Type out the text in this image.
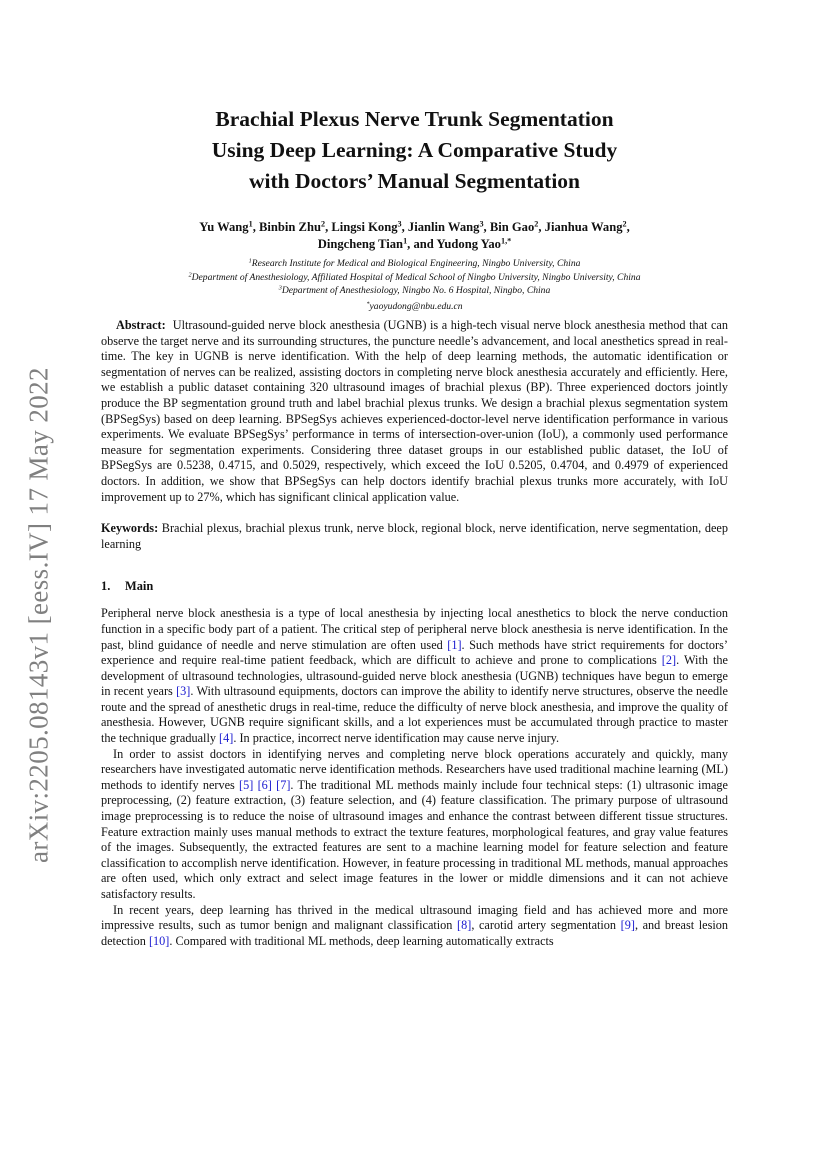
arXiv:2205.08143v1 [eess.IV] 17 May 2022
Brachial Plexus Nerve Trunk Segmentation
Using Deep Learning: A Comparative Study
with Doctors’ Manual Segmentation
Yu Wang$^1$, Binbin Zhu$^2$, Lingsi Kong$^3$, Jianlin Wang$^3$, Bin Gao$^2$, Jianhua Wang$^2$,
Dingcheng Tian$^1$, and Yudong Yao$^{1,*}$
$^1$Research Institute for Medical and Biological Engineering, Ningbo University, China
$^2$Department of Anesthesiology, Affiliated Hospital of Medical School of Ningbo University, Ningbo University, China
$^3$Department of Anesthesiology, Ningbo No. 6 Hospital, Ningbo, China
*yaoyudong@nbu.edu.cn

Abstract: Ultrasound-guided nerve block anesthesia (UGNB) is a high-tech visual nerve block anesthesia method that can observe the target nerve and its surrounding structures, the puncture needle’s advancement, and local anesthetics spread in real-time. The key in UGNB is nerve identification. With the help of deep learning methods, the automatic identification or segmentation of nerves can be realized, assisting doctors in completing nerve block anesthesia accurately and efficiently. Here, we establish a public dataset containing 320 ultrasound images of brachial plexus (BP). Three experienced doctors jointly produce the BP segmentation ground truth and label brachial plexus trunks. We design a brachial plexus segmentation system (BPSegSys) based on deep learning. BPSegSys achieves experienced-doctor-level nerve identification performance in various experiments. We evaluate BPSegSys’ performance in terms of intersection-over-union (IoU), a commonly used performance measure for segmentation experiments. Considering three dataset groups in our established public dataset, the IoU of BPSegSys are 0.5238, 0.4715, and 0.5029, respectively, which exceed the IoU 0.5205, 0.4704, and 0.4979 of experienced doctors. In addition, we show that BPSegSys can help doctors identify brachial plexus trunks more accurately, with IoU improvement up to 27%, which has significant clinical application value.

Keywords: Brachial plexus, brachial plexus trunk, nerve block, regional block, nerve identification, nerve segmentation, deep learning

1. Main

Peripheral nerve block anesthesia is a type of local anesthesia by injecting local anesthetics to block the nerve conduction function in a specific body part of a patient. The critical step of peripheral nerve block anesthesia is nerve identification. In the past, blind guidance of needle and nerve stimulation are often used [1]. Such methods have strict requirements for doctors’ experience and require real-time patient feedback, which are difficult to achieve and prone to complications [2]. With the development of ultrasound technologies, ultrasound-guided nerve block anesthesia (UGNB) techniques have begun to emerge in recent years [3]. With ultrasound equipments, doctors can improve the ability to identify nerve structures, observe the needle route and the spread of anesthetic drugs in real-time, reduce the difficulty of nerve block anesthesia, and improve the quality of anesthesia. However, UGNB require significant skills, and a lot experiences must be accumulated through practice to master the technique gradually [4]. In practice, incorrect nerve identification may cause nerve injury.

In order to assist doctors in identifying nerves and completing nerve block operations accurately and quickly, many researchers have investigated automatic nerve identification methods. Researchers have used traditional machine learning (ML) methods to identify nerves [5] [6] [7]. The traditional ML methods mainly include four technical steps: (1) ultrasonic image preprocessing, (2) feature extraction, (3) feature selection, and (4) feature classification. The primary purpose of ultrasound image preprocessing is to reduce the noise of ultrasound images and enhance the contrast between different tissue structures. Feature extraction mainly uses manual methods to extract the texture features, morphological features, and gray value features of the images. Subsequently, the extracted features are sent to a machine learning model for feature selection and feature classification to accomplish nerve identification. However, in feature processing in traditional ML methods, manual approaches are often used, which only extract and select image features in the lower or middle dimensions and it can not achieve satisfactory results.

In recent years, deep learning has thrived in the medical ultrasound imaging field and has achieved more and more impressive results, such as tumor benign and malignant classification [8], carotid artery segmentation [9], and breast lesion detection [10]. Compared with traditional ML methods, deep learning automatically extracts
